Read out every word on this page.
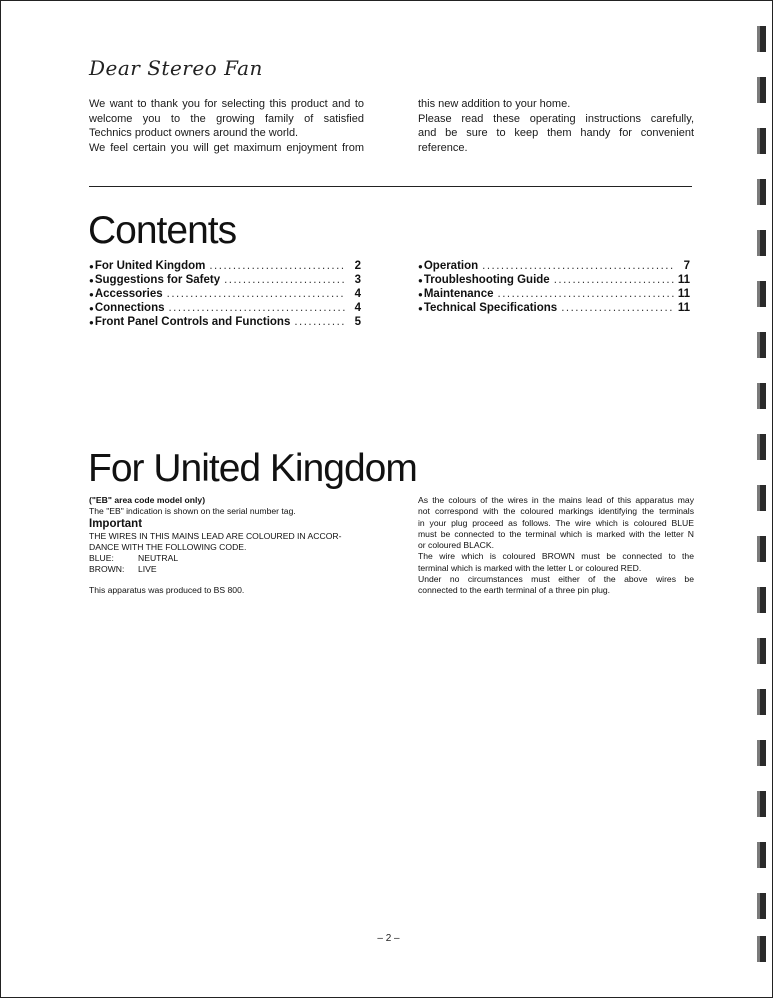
Dear Stereo Fan

We want to thank you for selecting this product and to

welcome you to the growing family of satisfied

Technics product owners around the world.

We feel certain you will get maximum enjoyment from

this new addition to your home.

Please read these operating instructions carefully,

and be sure to keep them handy for convenient

reference.

Contents
● For United Kingdom .....	2
● Suggestions for Safety .....	3
● Accessories .....	4
● Connections .....	4
● Front Panel Controls and Functions .....	5
● Operation .....	7
● Troubleshooting Guide .....	11
● Maintenance .....	11
● Technical Specifications .....	11
For United Kingdom

("EB" area code model only)

The "EB" indication is shown on the serial number tag.

Important

THE WIRES IN THIS MAINS LEAD ARE COLOURED IN ACCOR-

DANCE WITH THE FOLLOWING CODE.

BLUE:	NEUTRAL
BROWN:	LIVE

This apparatus was produced to BS 800.

As the colours of the wires in the mains lead of this apparatus may

not correspond with the coloured markings identifying the terminals

in your plug proceed as follows. The wire which is coloured BLUE

must be connected to the terminal which is marked with the letter N

or coloured BLACK.

The wire which is coloured BROWN must be connected to the

terminal which is marked with the letter L or coloured RED.

Under no circumstances must either of the above wires be

connected to the earth terminal of a three pin plug.

– 2 –
